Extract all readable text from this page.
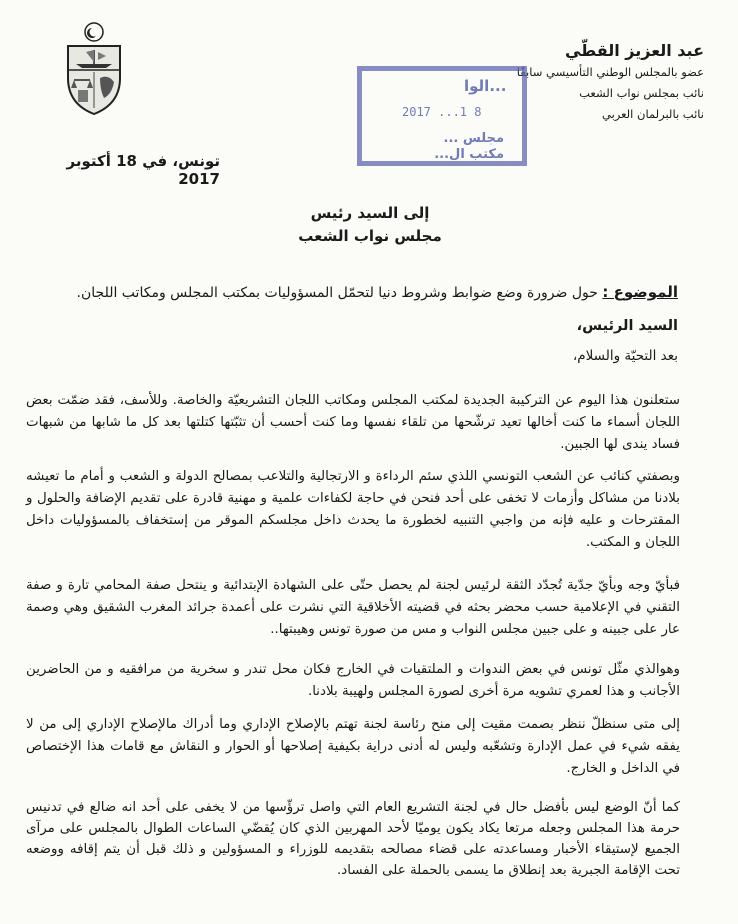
عبد العزيز القطّي
عضو بالمجلس الوطني التأسيسي سابقًا
نائب بمجلس نواب الشعب
نائب بالبرلمان العربي
الوا...
2017 ...1 8
مجلس ...
مكتب ال...
تونس، في 18 أكتوبر 2017
إلى السيد رئيس
مجلس نواب الشعب
الموضوع : حول ضرورة وضع ضوابط وشروط دنيا لتحمّل المسؤوليات بمكتب المجلس ومكاتب اللجان.
السيد الرئيس،
بعد التحيّة والسلام،
ستعلنون هذا اليوم عن التركيبة الجديدة لمكتب المجلس ومكاتب اللجان التشريعيّة والخاصة. وللأسف، فقد ضمّت بعض اللجان أسماء ما كنت أخالها تعيد ترشّحها من تلقاء نفسها وما كنت أحسب أن تثبّتها كتلتها بعد كل ما شابها من شبهات فساد يندى لها الجبين.
وبصفتي كنائب عن الشعب التونسي اللذي سئم الرداءة و الارتجالية والتلاعب بمصالح الدولة و الشعب و أمام ما تعيشه بلادنا من مشاكل وأزمات لا تخفى على أحد فنحن في حاجة لكفاءات علمية و مهنية قادرة على تقديم الإضافة والحلول و المقترحات و عليه فإنه من واجبي التنبيه لخطورة ما يحدث داخل مجلسكم الموقر من إستخفاف بالمسؤوليات داخل اللجان و المكتب.
فبأيّ وجه وبأيّ جدّية تُجدّد الثقة لرئيس لجنة لم يحصل حتّى على الشهادة الإبتدائية و ينتحل صفة المحامي تارة و صفة التقني في الإعلامية حسب محضر بحثه في قضيته الأخلاقية التي نشرت على أعمدة جرائد المغرب الشقيق وهي وصمة عار على جبينه و على جبين مجلس النواب و مس من صورة تونس وهيبتها..
وهوالذي مثّل تونس في بعض الندوات و الملتقيات في الخارج فكان محل تندر و سخرية من مرافقيه و من الحاضرين الأجانب و هذا لعمري تشويه مرة أخرى لصورة المجلس ولهيبة بلادنا.
إلى متى سنظلّ ننظر بصمت مقيت إلى منح رئاسة لجنة تهتم بالإصلاح الإداري وما أدراك مالإصلاح الإداري إلى من لا يفقه شيء في عمل الإدارة وتشعّبه وليس له أدنى دراية بكيفية إصلاحها أو الحوار و النقاش مع قامات هذا الإختصاص في الداخل و الخارج.
كما أنّ الوضع ليس بأفضل حال في لجنة التشريع العام التي واصل ترؤّسها من لا يخفى على أحد انه ضالع في تدنيس حرمة هذا المجلس وجعله مرتعا يكاد يكون يوميّا لأحد المهربين الذي كان يُقضّي الساعات الطوال بالمجلس على مرآى الجميع لإستيقاء الأخبار ومساعدته على قضاء مصالحه بتقديمه للوزراء و المسؤولين و ذلك قبل أن يتم إقافه ووضعه تحت الإقامة الجبرية بعد إنطلاق ما يسمى بالحملة على الفساد.
